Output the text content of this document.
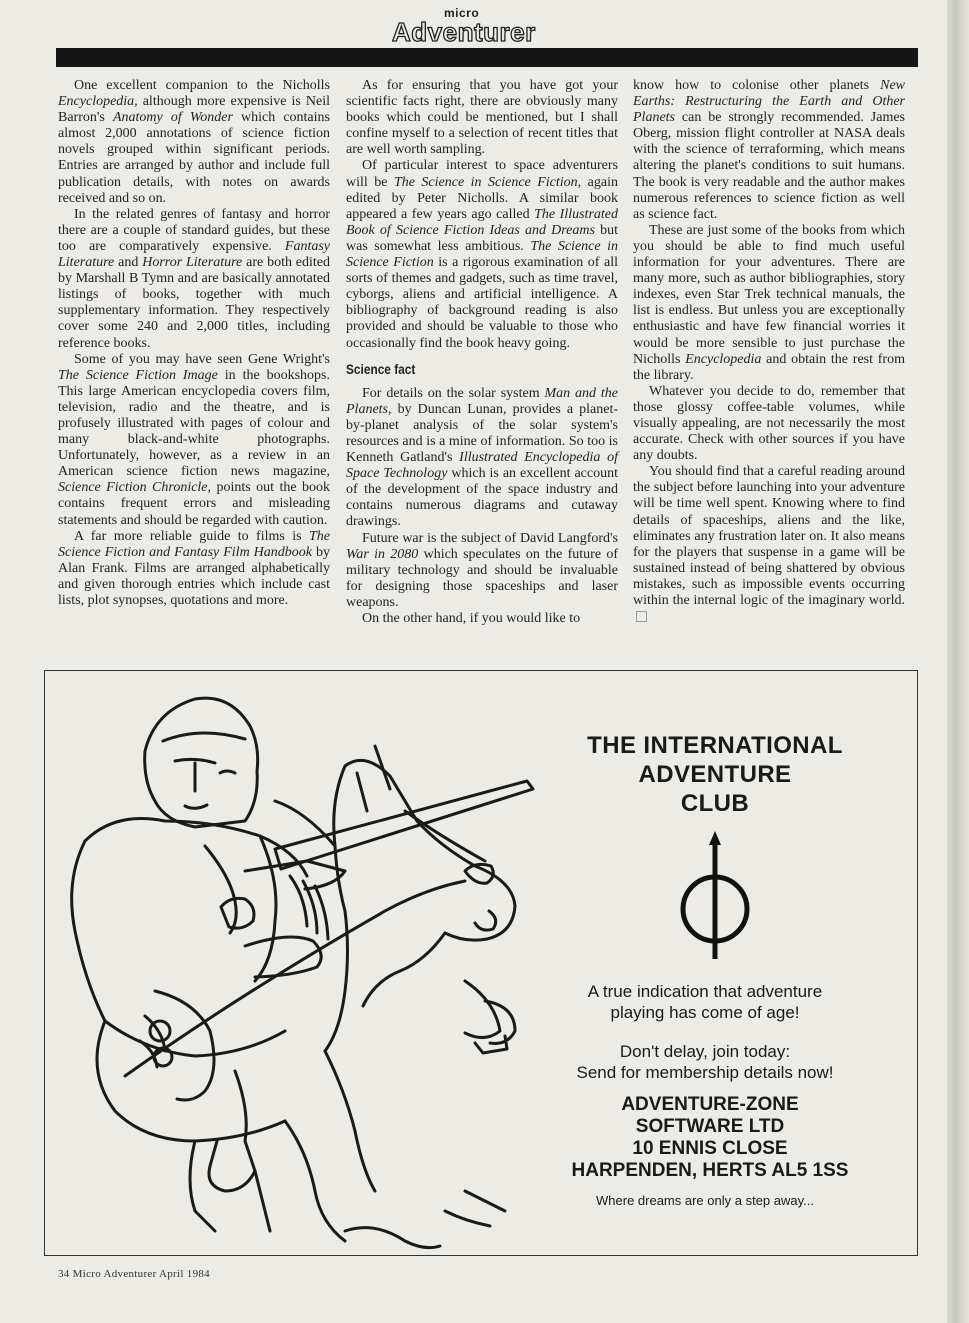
micro
Adventurer

One excellent companion to the Nicholls Encyclopedia, although more expensive is Neil Barron's Anatomy of Wonder which contains almost 2,000 annotations of science fiction novels grouped within significant periods. Entries are arranged by author and include full publication details, with notes on awards received and so on.

In the related genres of fantasy and horror there are a couple of standard guides, but these too are comparatively expensive. Fantasy Literature and Horror Literature are both edited by Marshall B Tymn and are basically annotated listings of books, together with much supplementary information. They respectively cover some 240 and 2,000 titles, including reference books.

Some of you may have seen Gene Wright's The Science Fiction Image in the bookshops. This large American encyclopedia covers film, television, radio and the theatre, and is profusely illustrated with pages of colour and many black-and-white photographs. Unfortunately, however, as a review in an American science fiction news magazine, Science Fiction Chronicle, points out the book contains frequent errors and misleading statements and should be regarded with caution.

A far more reliable guide to films is The Science Fiction and Fantasy Film Handbook by Alan Frank. Films are arranged alphabetically and given thorough entries which include cast lists, plot synopses, quotations and more.

As for ensuring that you have got your scientific facts right, there are obviously many books which could be mentioned, but I shall confine myself to a selection of recent titles that are well worth sampling.

Of particular interest to space adventurers will be The Science in Science Fiction, again edited by Peter Nicholls. A similar book appeared a few years ago called The Illustrated Book of Science Fiction Ideas and Dreams but was somewhat less ambitious. The Science in Science Fiction is a rigorous examination of all sorts of themes and gadgets, such as time travel, cyborgs, aliens and artificial intelligence. A bibliography of background reading is also provided and should be valuable to those who occasionally find the book heavy going.

Science fact

For details on the solar system Man and the Planets, by Duncan Lunan, provides a planet-by-planet analysis of the solar system's resources and is a mine of information. So too is Kenneth Gatland's Illustrated Encyclopedia of Space Technology which is an excellent account of the development of the space industry and contains numerous diagrams and cutaway drawings.

Future war is the subject of David Langford's War in 2080 which speculates on the future of military technology and should be invaluable for designing those spaceships and laser weapons.

On the other hand, if you would like to

know how to colonise other planets New Earths: Restructuring the Earth and Other Planets can be strongly recommended. James Oberg, mission flight controller at NASA deals with the science of terraforming, which means altering the planet's conditions to suit humans. The book is very readable and the author makes numerous references to science fiction as well as science fact.

These are just some of the books from which you should be able to find much useful information for your adventures. There are many more, such as author bibliographies, story indexes, even Star Trek technical manuals, the list is endless. But unless you are exceptionally enthusiastic and have few financial worries it would be more sensible to just purchase the Nicholls Encyclopedia and obtain the rest from the library.

Whatever you decide to do, remember that those glossy coffee-table volumes, while visually appealing, are not necessarily the most accurate. Check with other sources if you have any doubts.

You should find that a careful reading around the subject before launching into your adventure will be time well spent. Knowing where to find details of spaceships, aliens and the like, eliminates any frustration later on. It also means for the players that suspense in a game will be sustained instead of being shattered by obvious mistakes, such as impossible events occurring within the internal logic of the imaginary world.

THE INTERNATIONAL
ADVENTURE
CLUB
A true indication that adventure
playing has come of age!
Don't delay, join today:
Send for membership details now!
ADVENTURE-ZONE
SOFTWARE LTD
10 ENNIS CLOSE
HARPENDEN, HERTS AL5 1SS
Where dreams are only a step away...
34 Micro Adventurer April 1984
